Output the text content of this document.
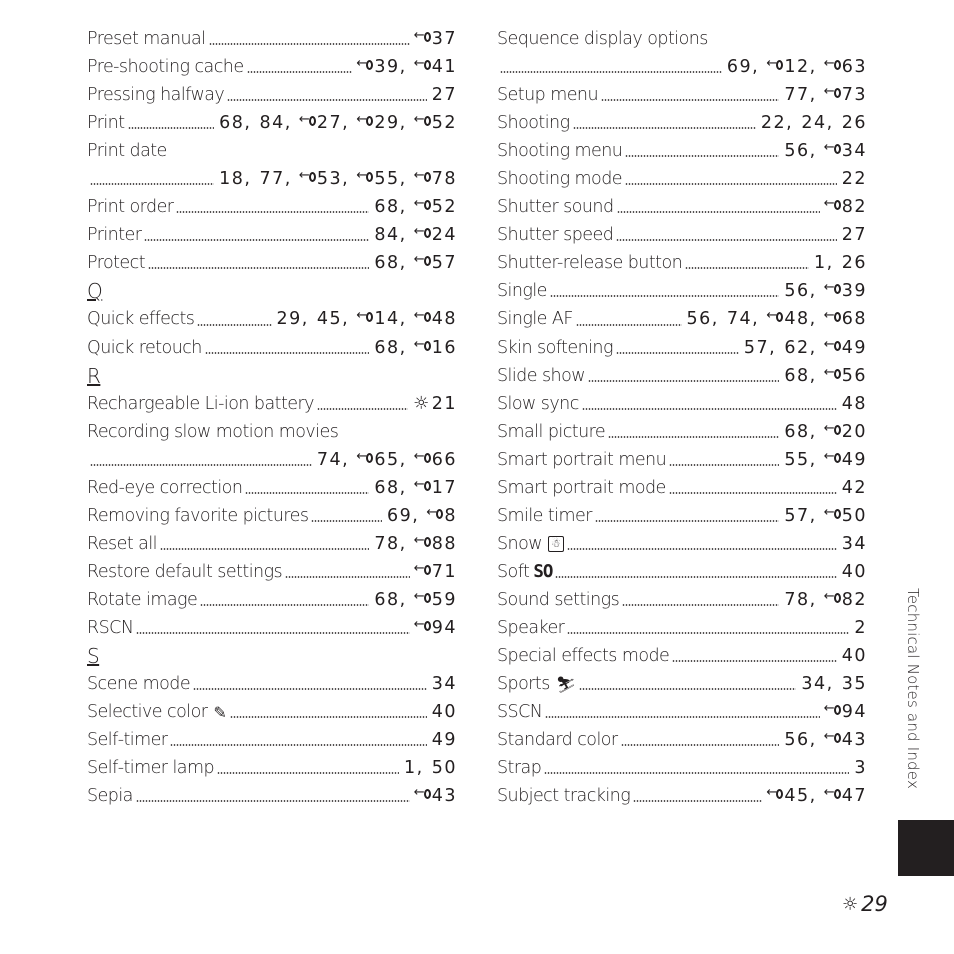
Preset manual ←	37
Pre-shooting cache ←	39, ←41
Pressing halfway	27
Print	68, 84, ←27, ←29, ←52
Print date
18, 77, ←53, ←55, ←78
Print order	68, ←52
Printer	84, ←24
Protect	68, ←57
Q
Quick effects	29, 45, ←14, ←48
Quick retouch	68, ←16
R
Rechargeable Li-ion battery	☼21
Recording slow motion movies
74, ←65, ←66
Red-eye correction	68, ←17
Removing favorite pictures	69, ←8
Reset all	78, ←88
Restore default settings ←	71
Rotate image	68, ←59
RSCN ←	94
S
Scene mode	34
Selective color ✎	40
Self-timer	49
Self-timer lamp	1, 50
Sepia ←	43
Sequence display options
69, ←12, ←63
Setup menu	77, ←73
Shooting	22, 24, 26
Shooting menu	56, ←34
Shooting mode	22
Shutter sound ←	82
Shutter speed	27
Shutter-release button	1, 26
Single	56, ←39
Single AF	56, 74, ←48, ←68
Skin softening	57, 62, ←49
Slide show	68, ←56
Slow sync	48
Small picture	68, ←20
Smart portrait menu	55, ←49
Smart portrait mode	42
Smile timer	57, ←50
Snow ☃	34
Soft SO	40
Sound settings	78, ←82
Speaker	2
Special effects mode	40
Sports ⛷	34, 35
SSCN ←	94
Standard color	56, ←43
Strap	3
Subject tracking ←	45, ←47
Technical Notes and Index
☼ 29
